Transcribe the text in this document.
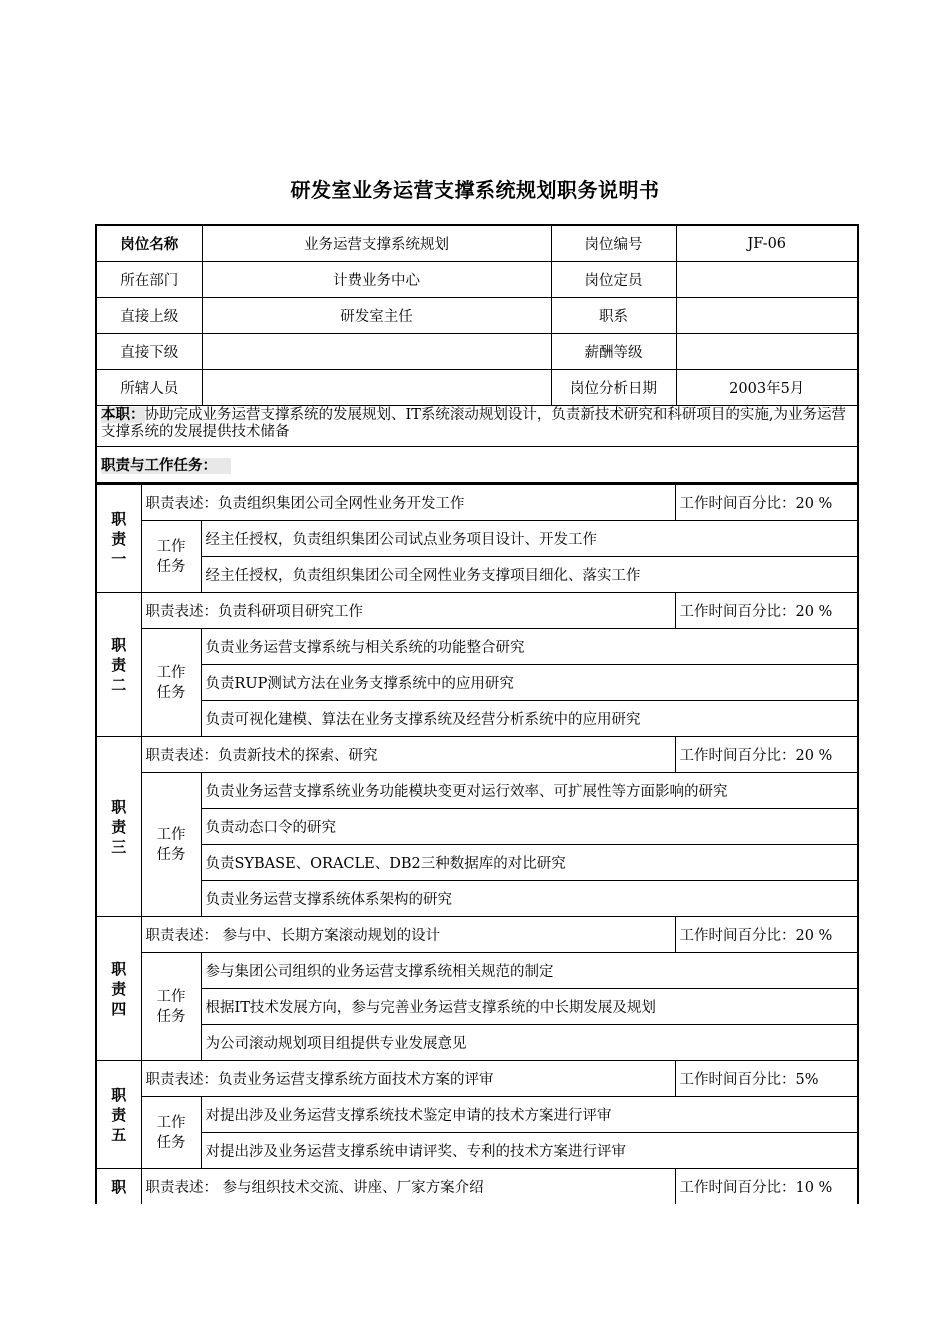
研发室业务运营支撑系统规划职务说明书
岗位名称	业务运营支撑系统规划	岗位编号	JF-06
所在部门	计费业务中心	岗位定员	
直接上级	研发室主任	职系	
直接下级		薪酬等级	
所辖人员		岗位分析日期	2003年5月
本职：协助完成业务运营支撑系统的发展规划、IT系统滚动规划设计，负责新技术研究和科研项目的实施,为业务运营支撑系统的发展提供技术储备			
职责与工作任务：			
职责一	职责表述：负责组织集团公司全网性业务开发工作		工作时间百分比：20 %
	工作任务	经主任授权，负责组织集团公司试点业务项目设计、开发工作	
		经主任授权，负责组织集团公司全网性业务支撑项目细化、落实工作	
职责二	职责表述：负责科研项目研究工作		工作时间百分比：20 %
	工作任务	负责业务运营支撑系统与相关系统的功能整合研究	
		负责RUP测试方法在业务支撑系统中的应用研究	
		负责可视化建模、算法在业务支撑系统及经营分析系统中的应用研究	
职责三	职责表述：负责新技术的探索、研究		工作时间百分比：20 %
	工作任务	负责业务运营支撑系统业务功能模块变更对运行效率、可扩展性等方面影响的研究	
		负责动态口令的研究	
		负责SYBASE、ORACLE、DB2三种数据库的对比研究	
		负责业务运营支撑系统体系架构的研究	
职责四	职责表述： 参与中、长期方案滚动规划的设计		工作时间百分比：20 %
	工作任务	参与集团公司组织的业务运营支撑系统相关规范的制定	
		根据IT技术发展方向，参与完善业务运营支撑系统的中长期发展及规划	
		为公司滚动规划项目组提供专业发展意见	
职责五	职责表述：负责业务运营支撑系统方面技术方案的评审		工作时间百分比：5%
	工作任务	对提出涉及业务运营支撑系统技术鉴定申请的技术方案进行评审	
		对提出涉及业务运营支撑系统申请评奖、专利的技术方案进行评审	
职	职责表述： 参与组织技术交流、讲座、厂家方案介绍		工作时间百分比：10 %
